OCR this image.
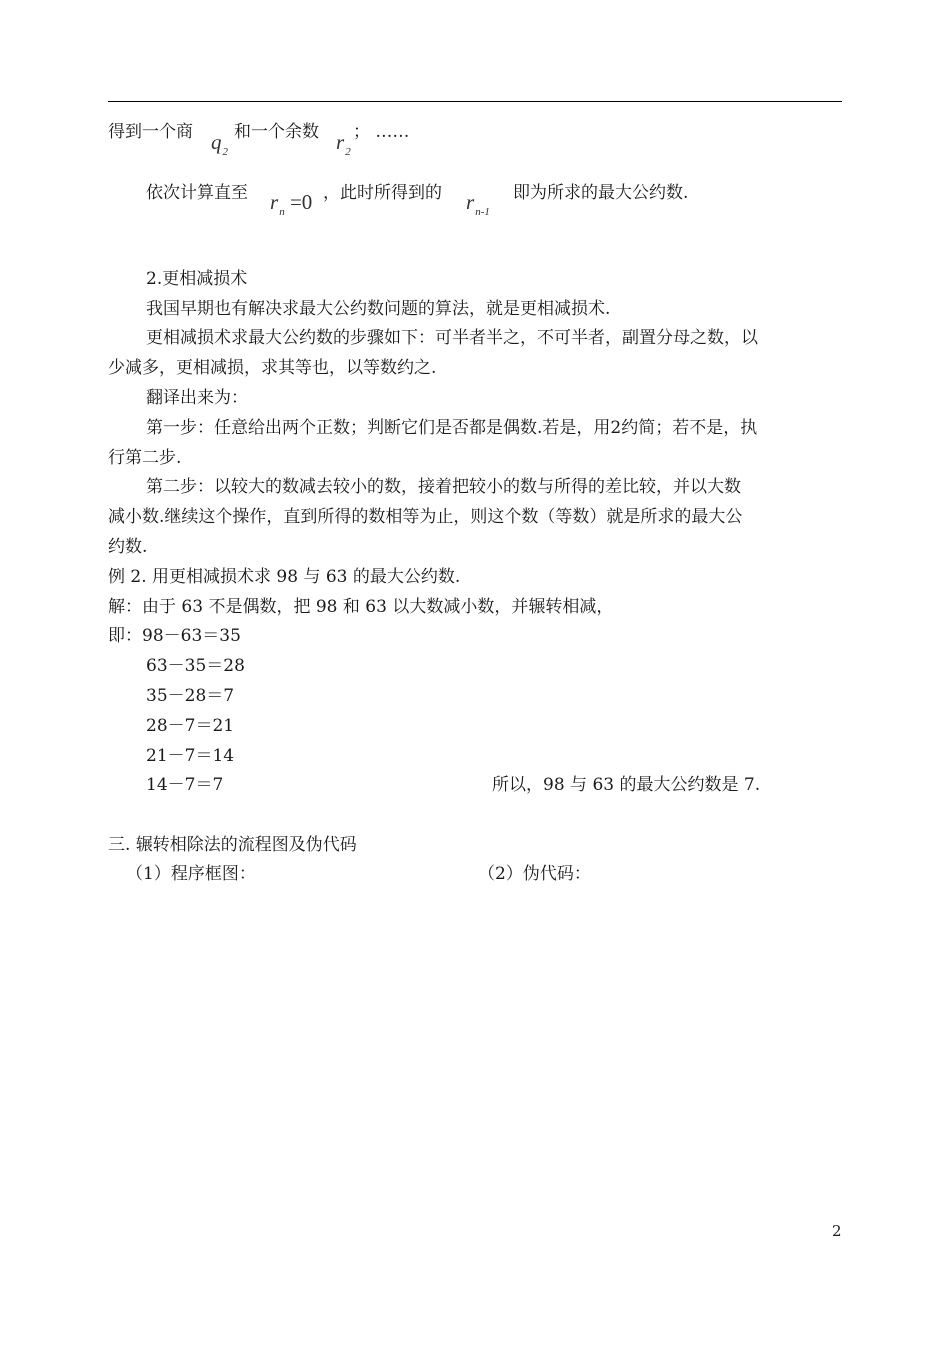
得到一个商 $q_2$
和一个余数 $r_2$
； ……
依次计算直至 $r_n =0$ ，此时所得到的 $r_{n-1}$
即为所求的最大公约数.
2.更相减损术
我国早期也有解决求最大公约数问题的算法，就是更相减损术.
更相减损术求最大公约数的步骤如下：可半者半之，不可半者，副置分母之数，以
少减多，更相减损，求其等也，以等数约之.
翻译出来为：
第一步：任意给出两个正数；判断它们是否都是偶数.若是，用2约简；若不是，执
行第二步.
第二步：以较大的数减去较小的数，接着把较小的数与所得的差比较，并以大数
减小数.继续这个操作，直到所得的数相等为止，则这个数（等数）就是所求的最大公
约数.
例 2. 用更相减损术求 98 与 63 的最大公约数.
解：由于 63 不是偶数，把 98 和 63 以大数减小数，并辗转相减，
即：98－63＝35
63－35＝28
35－28＝7
28－7＝21
21－7＝14
14－7＝7	所以，98 与 63 的最大公约数是 7.
三. 辗转相除法的流程图及伪代码
（1）程序框图：	（2）伪代码：
2
